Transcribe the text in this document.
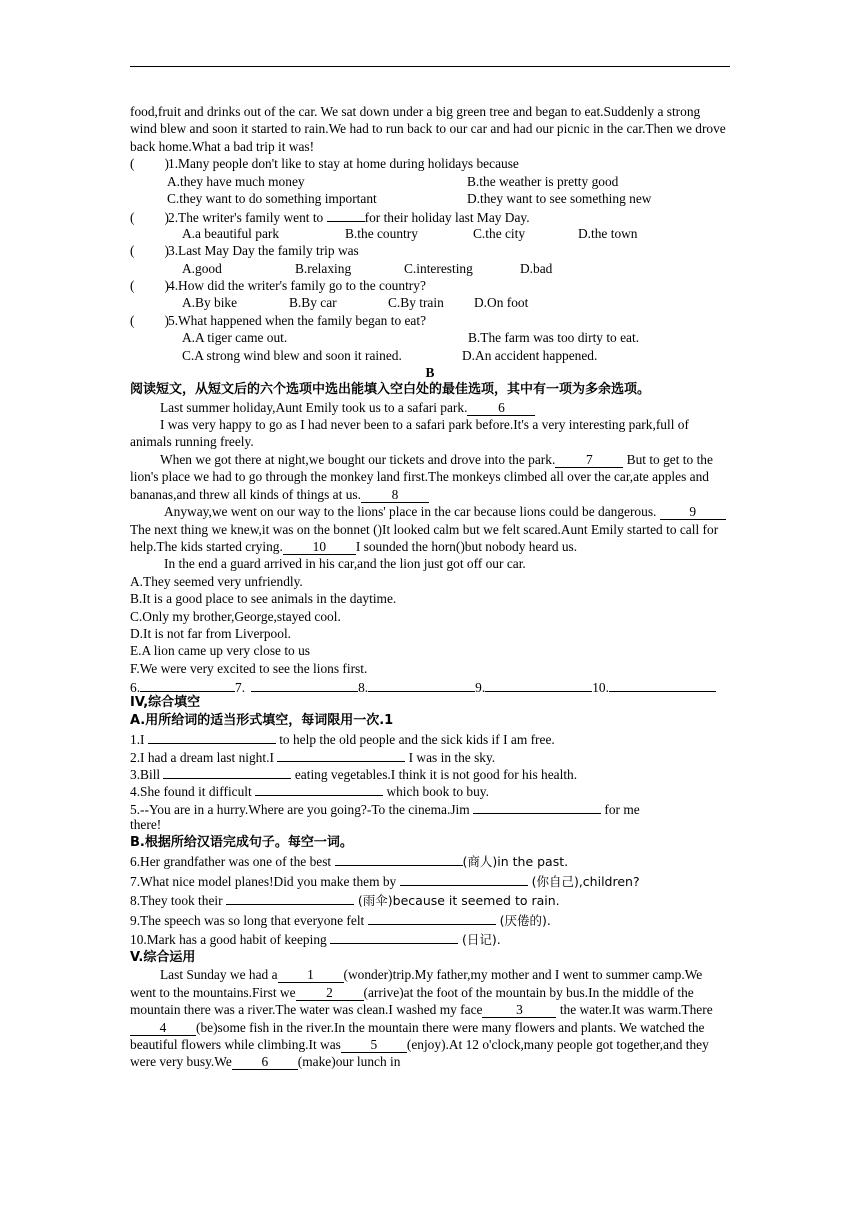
food,fruit and drinks out of the car. We sat down under a big green tree and began to eat.Suddenly a strong wind blew and soon it started to rain.We had to run back to our car and had our picnic in the car.Then we drove back home.What a bad trip it was!
( )1.Many people don't like to stay at home during holidays because
A.they have much money	B.the weather is pretty good
C.they want to do something important	D.they want to see something new
( )2.The writer's family went to	for their holiday last May Day.
A.a beautiful park	B.the country	C.the city	D.the town
( )3.Last May Day the family trip was
A.good	B.relaxing	C.interesting	D.bad
( )4.How did the writer's family go to the country?
A.By bike	B.By car	C.By train D.On foot
( )5.What happened when the family began to eat?
A.A tiger came out.	B.The farm was too dirty to eat.
C.A strong wind blew and soon it rained.	D.An accident happened.
B
阅读短文，从短文后的六个选项中选出能填入空白处的最佳选项，其中有一项为多余选项。
Last summer holiday,Aunt Emily took us to a safari park. 6
I was very happy to go as I had never been to a safari park before.It's a very interesting park,full of animals running freely.
When we got there at night,we bought our tickets and drove into the park. 7 But to get to the lion's place we had to go through the monkey land first.The monkeys climbed all over the car,ate apples and bananas,and threw all kinds of things at us. 8
Anyway,we went on our way to the lions' place in the car because lions could be dangerous. 9The next thing we knew,it was on the bonnet ()It looked calm but we felt scared.Aunt Emily started to call for help.The kids started crying. 10 I sounded the horn()but nobody heard us.
In the end a guard arrived in his car,and the lion just got off our car.
A.They seemed very unfriendly.
B.It is a good place to see animals in the daytime.
C.Only my brother,George,stayed cool.
D.It is not far from Liverpool.
E.A lion came up very close to us
F.We were very excited to see the lions first.
6.	7.	8.	9.	10.
IV,综合填空
A.用所给词的适当形式填空，每词限用一次.1
1.I	to help the old people and the sick kids if I am free.
2.I had a dream last night.I	I was in the sky.
3.Bill	eating vegetables.I think it is not good for his health.
4.She found it difficult	which book to buy.
5.--You are in a hurry.Where are you going?-To the cinema.Jim	for me
there!
B.根据所给汉语完成句子。每空一词。
6.Her grandfather was one of the best	(商人)in the past.
7.What nice model planes!Did you make them by	(你自己),children?
8.They took their	(雨伞)because it seemed to rain.
9.The speech was so long that everyone felt	(厌倦的).
10.Mark has a good habit of keeping	(日记).
V.综合运用
Last Sunday we had a 1 (wonder)trip.My father,my mother and I went to summer camp.We went to the mountains.First we 2 (arrive)at the foot of the mountain by bus.In the middle of the mountain there was a river.The water was clean.I washed my face	3	the water.It was warm.There4 (be)some fish in the river.In the mountain there were many flowers and plants. We watched the beautiful flowers while climbing.It was 5 (enjoy).At 12 o'clock,many people got together,and they were very busy.We 6 (make)our lunch in
